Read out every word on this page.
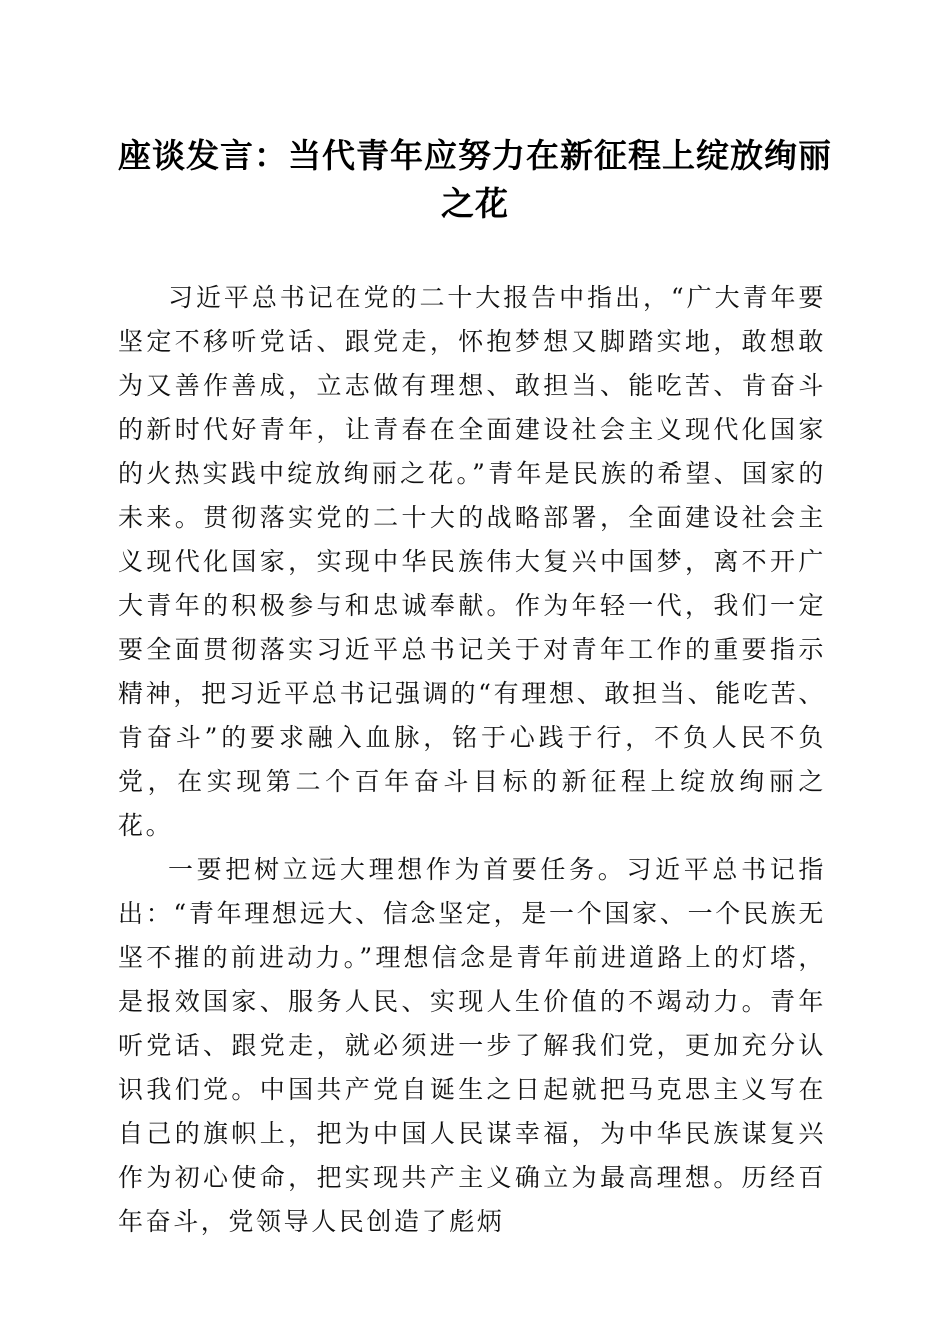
座谈发言：当代青年应努力在新征程上绽放绚丽之花

习近平总书记在党的二十大报告中指出，“广大青年要坚定不移听党话、跟党走，怀抱梦想又脚踏实地，敢想敢为又善作善成，立志做有理想、敢担当、能吃苦、肯奋斗的新时代好青年，让青春在全面建设社会主义现代化国家的火热实践中绽放绚丽之花。”青年是民族的希望、国家的未来。贯彻落实党的二十大的战略部署，全面建设社会主义现代化国家，实现中华民族伟大复兴中国梦，离不开广大青年的积极参与和忠诚奉献。作为年轻一代，我们一定要全面贯彻落实习近平总书记关于对青年工作的重要指示精神，把习近平总书记强调的“有理想、敢担当、能吃苦、肯奋斗”的要求融入血脉，铭于心践于行，不负人民不负党，在实现第二个百年奋斗目标的新征程上绽放绚丽之花。

一要把树立远大理想作为首要任务。习近平总书记指出：“青年理想远大、信念坚定，是一个国家、一个民族无坚不摧的前进动力。”理想信念是青年前进道路上的灯塔，是报效国家、服务人民、实现人生价值的不竭动力。青年听党话、跟党走，就必须进一步了解我们党，更加充分认识我们党。中国共产党自诞生之日起就把马克思主义写在自己的旗帜上，把为中国人民谋幸福，为中华民族谋复兴作为初心使命，把实现共产主义确立为最高理想。历经百年奋斗，党领导人民创造了彪炳
